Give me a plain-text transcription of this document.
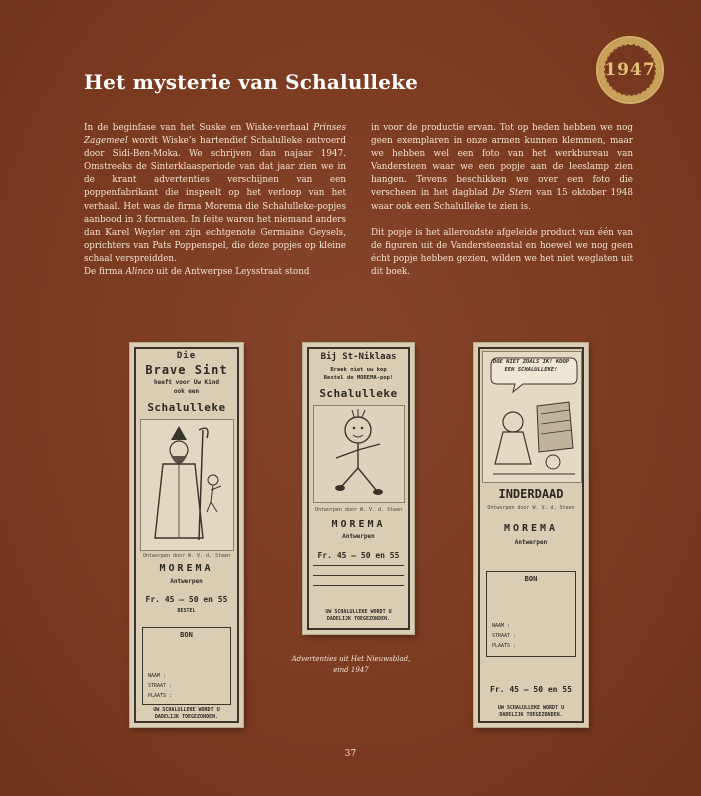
1947
Het mysterie van Schalulleke

In de beginfase van het Suske en Wiske-verhaal Prinses Zagemeel wordt Wiske’s hartendief Schalulleke ontvoerd door Sidi-Ben-Moka. We schrijven dan najaar 1947. Omstreeks de Sinterklaasperiode van dat jaar zien we in de krant advertenties verschijnen van een poppenfabrikant die inspeelt op het verloop van het verhaal. Het was de firma Morema die Schalulleke-popjes aanbood in 3 formaten. In feite waren het niemand anders dan Karel Weyler en zijn echtgenote Germaine Geysels, oprichters van Pats Poppenspel, die deze popjes op kleine schaal verspreidden.

De firma Alinco uit de Antwerpse Leysstraat stond

in voor de productie ervan. Tot op heden hebben we nog geen exemplaren in onze armen kunnen klemmen, maar we hebben wel een foto van het werkbureau van Vandersteen waar we een popje aan de leeslamp zien hangen. Tevens beschikken we over een foto die verscheen in het dagblad De Stem van 15 oktober 1948 waar ook een Schalulleke te zien is.

Dit popje is het alleroudste afgeleide product van één van de figuren uit de Vandersteenstal en hoewel we nog geen écht popje hebben gezien, wilden we het niet weglaten uit dit boek.

Die
Brave Sint
heeft voor Uw Kind
ook een
Schalulleke
Ontworpen door W. V. d. Steen
MOREMA
Antwerpen
Fr. 45 — 50 en 55
BESTEL
BON
NAAM :
STRAAT :
PLAATS :
UW SCHALULLEKE WORDT U
DADELIJK TOEGEZONDEN.
Bij St-Niklaas
Breek niet uw kop
Bestel de MOREMA-pop!
Schalulleke
Ontworpen door W. V. d. Steen
MOREMA
Antwerpen
Fr. 45 — 50 en 55
UW SCHALULLEKE WORDT U
DADELIJK TOEGEZONDEN.
DOE NIET ZOALS IK! KOOP EEN SCHALULLEKE!
INDERDAAD
Ontworpen door W. V. d. Steen
MOREMA
Antwerpen
BON
NAAM :
STRAAT :
PLAATS :
Fr. 45 — 50 en 55
UW SCHALULLEKE WORDT U
DADELIJK TOEGEZONDEN.
Advertenties uit Het Nieuwsblad,
eind 1947
37
